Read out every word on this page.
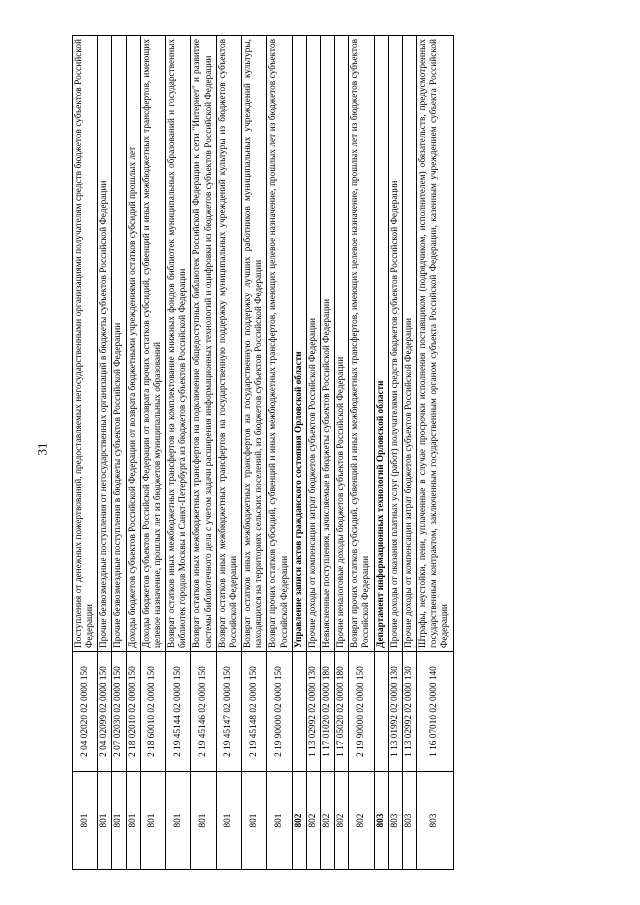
31
801	2 04 02020 02 0000 150	Поступления от денежных пожертвований, предоставляемых негосударственными организациями получателям средств бюджетов субъектов Российской Федерации
801	2 04 02099 02 0000 150	Прочие безвозмездные поступления от негосударственных организаций в бюджеты субъектов Российской Федерации
801	2 07 02030 02 0000 150	Прочие безвозмездные поступления в бюджеты субъектов Российской Федерации
801	2 18 02010 02 0000 150	Доходы бюджетов субъектов Российской Федерации от возврата бюджетными учреждениями остатков субсидий прошлых лет
801	2 18 60010 02 0000 150	Доходы бюджетов субъектов Российской Федерации от возврата прочих остатков субсидий, субвенций и иных межбюджетных трансфертов, имеющих целевое назначение, прошлых лет из бюджетов муниципальных образований
801	2 19 45144 02 0000 150	Возврат остатков иных межбюджетных трансфертов на комплектование книжных фондов библиотек муниципальных образований и государственных библиотек городов Москвы и Санкт-Петербурга из бюджетов субъектов Российской Федерации
801	2 19 45146 02 0000 150	Возврат остатков иных межбюджетных трансфертов на подключение общедоступных библиотек Российской Федерации к сети "Интернет" и развитие системы библиотечного дела с учетом задачи расширения информационных технологий и оцифровки из бюджетов субъектов Российской Федерации
801	2 19 45147 02 0000 150	Возврат остатков иных межбюджетных трансфертов на государственную поддержку муниципальных учреждений культуры из бюджетов субъектов Российской Федерации
801	2 19 45148 02 0000 150	Возврат остатков иных межбюджетных трансфертов на государственную поддержку лучших работников муниципальных учреждений культуры, находящихся на территориях сельских поселений, из бюджетов субъектов Российской Федерации
801	2 19 90000 02 0000 150	Возврат прочих остатков субсидий, субвенций и иных межбюджетных трансфертов, имеющих целевое назначение, прошлых лет из бюджетов субъектов Российской Федерации
802		Управление записи актов гражданского состояния Орловской области
802	1 13 02992 02 0000 130	Прочие доходы от компенсации затрат бюджетов субъектов Российской Федерации
802	1 17 01020 02 0000 180	Невыясненные поступления, зачисляемые в бюджеты субъектов Российской Федерации
802	1 17 05020 02 0000 180	Прочие неналоговые доходы бюджетов субъектов Российской Федерации
802	2 19 90000 02 0000 150	Возврат прочих остатков субсидий, субвенций и иных межбюджетных трансфертов, имеющих целевое назначение, прошлых лет из бюджетов субъектов Российской Федерации
803		Департамент информационных технологий Орловской области
803	1 13 01992 02 0000 130	Прочие доходы от оказания платных услуг (работ) получателями средств бюджетов субъектов Российской Федерации
803	1 13 02992 02 0000 130	Прочие доходы от компенсации затрат бюджетов субъектов Российской Федерации
803	1 16 07010 02 0000 140	Штрафы, неустойки, пени, уплаченные в случае просрочки исполнения поставщиком (подрядчиком, исполнителем) обязательств, предусмотренных государственным контрактом, заключенным государственным органом субъекта Российской Федерации, казенным учреждением субъекта Российской Федерации
